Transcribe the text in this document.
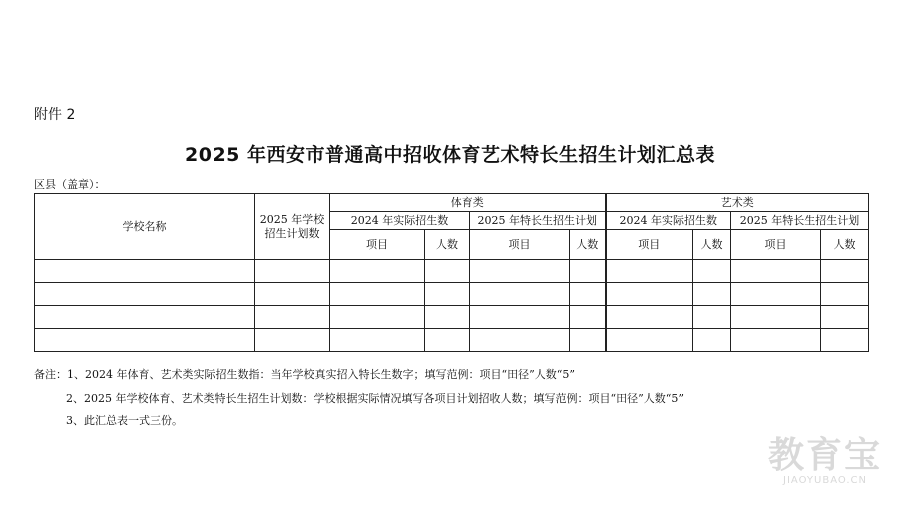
附件 2
2025 年西安市普通高中招收体育艺术特长生招生计划汇总表
区县（盖章）：
学校名称	2025 年学校招生计划数	体育类				艺术类			
		2024 年实际招生数		2025 年特长生招生计划		2024 年实际招生数		2025 年特长生招生计划	
		项目	人数	项目	人数	项目	人数	项目	人数

备注：1、2024 年体育、艺术类实际招生数指：当年学校真实招入特长生数字；填写范例：项目“田径”人数“5”
2、2025 年学校体育、艺术类特长生招生计划数：学校根据实际情况填写各项目计划招收人数；填写范例：项目“田径”人数“5”
3、此汇总表一式三份。
教育宝
JIAOYUBAO.CN
